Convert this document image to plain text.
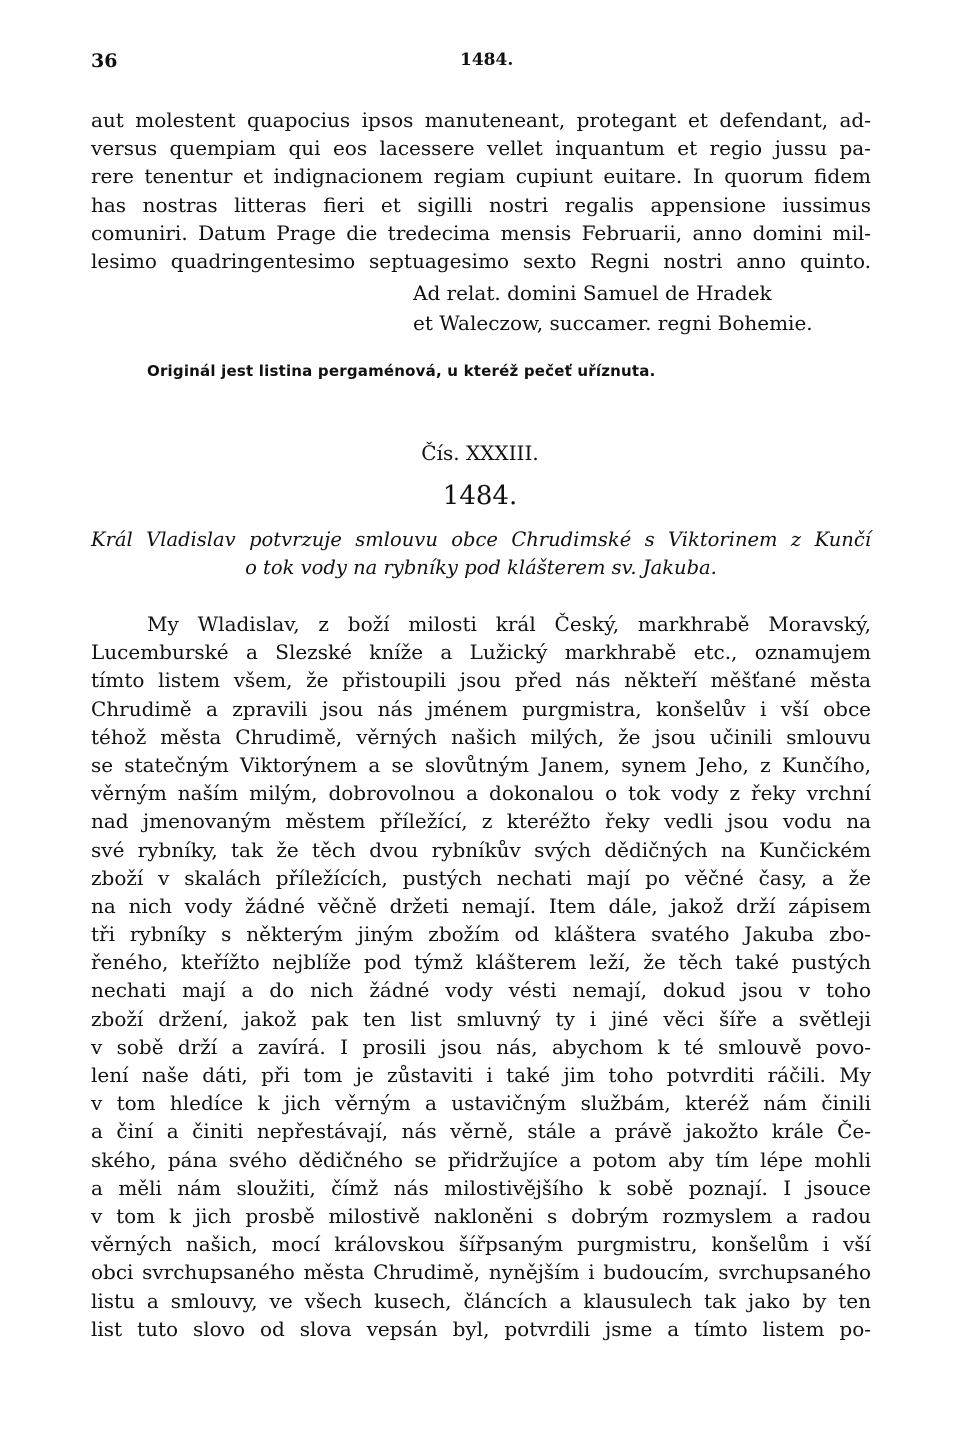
36	1484.
aut molestent quapocius ipsos manuteneant, protegant et defendant, ad-
versus quempiam qui eos lacessere vellet inquantum et regio jussu pa-
rere tenentur et indignacionem regiam cupiunt euitare. In quorum fidem
has nostras litteras fieri et sigilli nostri regalis appensione iussimus
comuniri. Datum Prage die tredecima mensis Februarii, anno domini mil-
lesimo quadringentesimo septuagesimo sexto Regni nostri anno quinto.
Ad relat. domini Samuel de Hradek
et Waleczow, succamer. regni Bohemie.
Originál jest listina pergaménová, u kteréž pečeť uříznuta.
Čís. XXXIII.
1484.
Král Vladislav potvrzuje smlouvu obce Chrudimské s Viktorinem z Kunčí
o tok vody na rybníky pod klášterem sv. Jakuba.
My Wladislav, z boží milosti král Český, markhrabě Moravský,
Lucemburské a Slezské kníže a Lužický markhrabě etc., oznamujem
tímto listem všem, že přistoupili jsou před nás někteří měšťané města
Chrudimě a zpravili jsou nás jménem purgmistra, konšelův i vší obce
téhož města Chrudimě, věrných našich milých, že jsou učinili smlouvu
se statečným Viktorýnem a se slovůtným Janem, synem Jeho, z Kunčího,
věrným naším milým, dobrovolnou a dokonalou o tok vody z řeky vrchní
nad jmenovaným městem příležící, z kteréžto řeky vedli jsou vodu na
své rybníky, tak že těch dvou rybníkův svých dědičných na Kunčickém
zboží v skalách příležících, pustých nechati mají po věčné časy, a že
na nich vody žádné věčně držeti nemají. Item dále, jakož drží zápisem
tři rybníky s některým jiným zbožím od kláštera svatého Jakuba zbo-
řeného, kteřížto nejblíže pod týmž klášterem leží, že těch také pustých
nechati mají a do nich žádné vody vésti nemají, dokud jsou v toho
zboží držení, jakož pak ten list smluvný ty i jiné věci šíře a světleji
v sobě drží a zavírá. I prosili jsou nás, abychom k té smlouvě povo-
lení naše dáti, při tom je zůstaviti i také jim toho potvrditi ráčili. My
v tom hledíce k jich věrným a ustavičným službám, kteréž nám činili
a činí a činiti nepřestávají, nás věrně, stále a právě jakožto krále Če-
ského, pána svého dědičného se přidržujíce a potom aby tím lépe mohli
a měli nám sloužiti, čímž nás milostivějšího k sobě poznají. I jsouce
v tom k jich prosbě milostivě nakloněni s dobrým rozmyslem a radou
věrných našich, mocí královskou šířpsaným purgmistru, konšelům i vší
obci svrchupsaného města Chrudimě, nynějším i budoucím, svrchupsaného
listu a smlouvy, ve všech kusech, článcích a klausulech tak jako by ten
list tuto slovo od slova vepsán byl, potvrdili jsme a tímto listem po-
